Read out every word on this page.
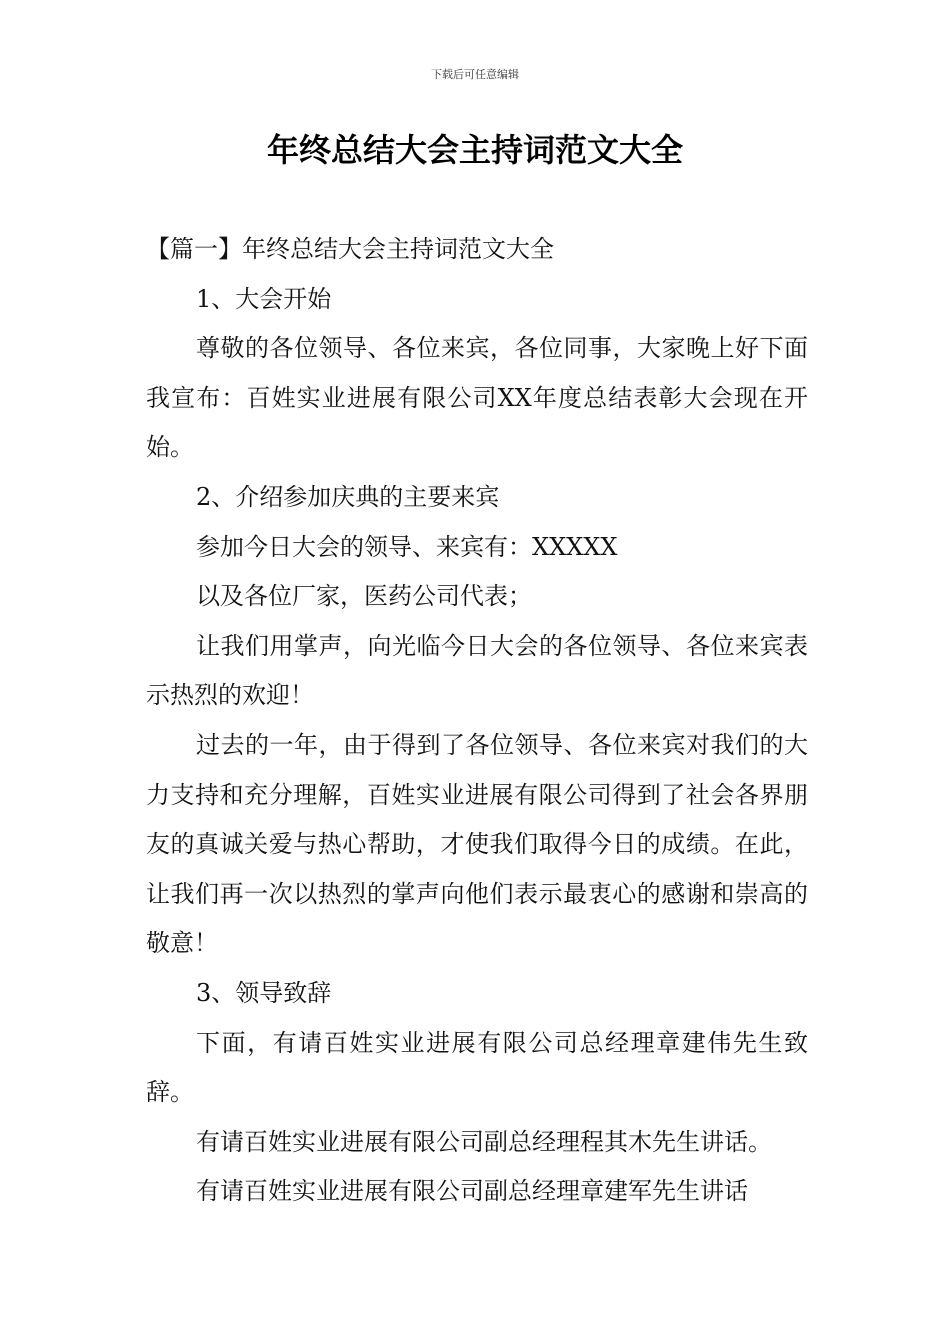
下载后可任意编辑
年终总结大会主持词范文大全

【篇一】年终总结大会主持词范文大全

1、大会开始

尊敬的各位领导、各位来宾，各位同事，大家晚上好下面我宣布：百姓实业进展有限公司XX年度总结表彰大会现在开始。

2、介绍参加庆典的主要来宾

参加今日大会的领导、来宾有：XXXXX

以及各位厂家，医药公司代表；

让我们用掌声，向光临今日大会的各位领导、各位来宾表示热烈的欢迎！

过去的一年，由于得到了各位领导、各位来宾对我们的大力支持和充分理解，百姓实业进展有限公司得到了社会各界朋友的真诚关爱与热心帮助，才使我们取得今日的成绩。在此，让我们再一次以热烈的掌声向他们表示最衷心的感谢和崇高的敬意！

3、领导致辞

下面，有请百姓实业进展有限公司总经理章建伟先生致辞。

有请百姓实业进展有限公司副总经理程其木先生讲话。

有请百姓实业进展有限公司副总经理章建军先生讲话
